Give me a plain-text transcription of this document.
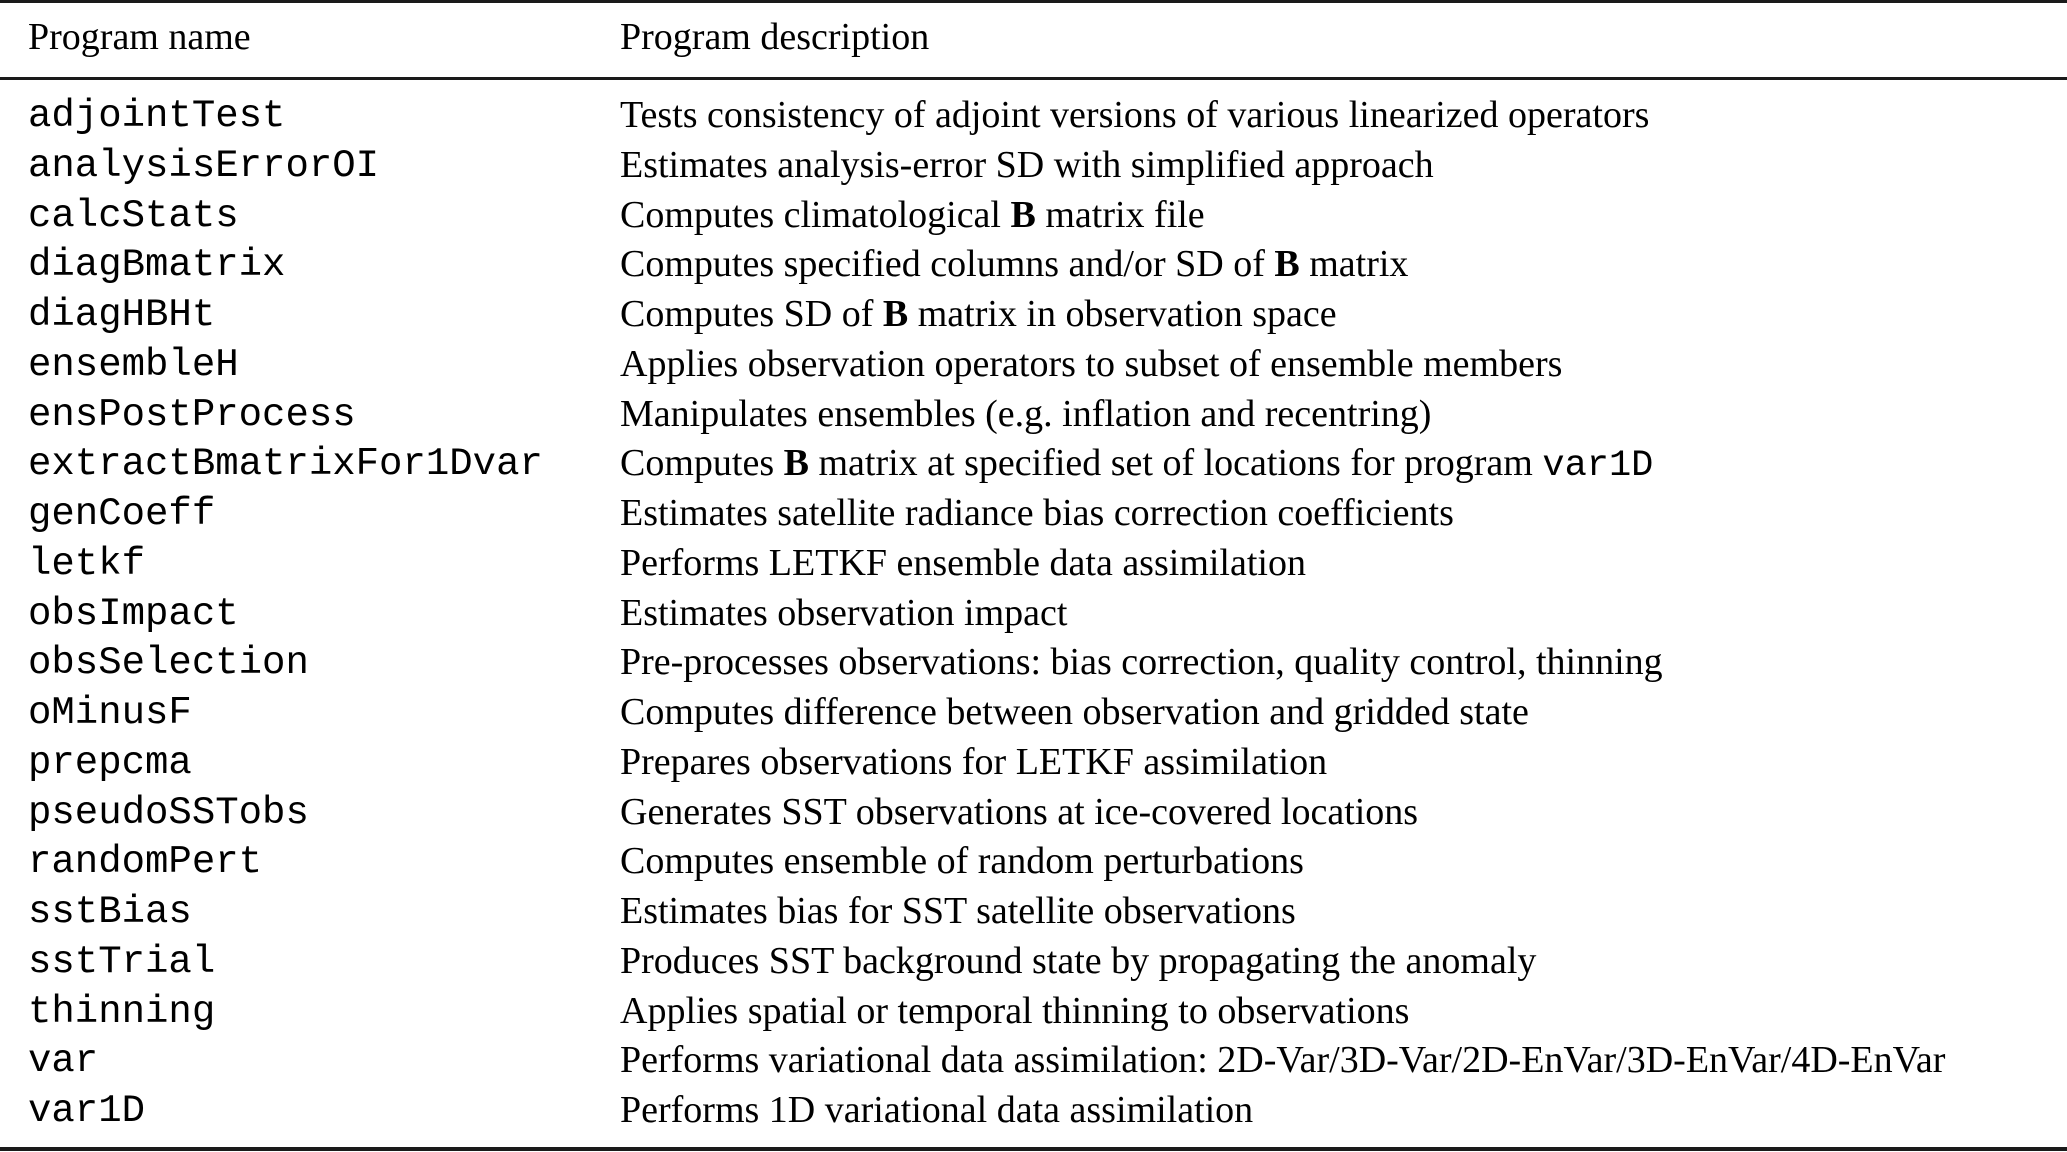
Program name	Program description
adjointTest	Tests consistency of adjoint versions of various linearized operators
analysisErrorOI	Estimates analysis-error SD with simplified approach
calcStats	Computes climatological B matrix file
diagBmatrix	Computes specified columns and/or SD of B matrix
diagHBHt	Computes SD of B matrix in observation space
ensembleH	Applies observation operators to subset of ensemble members
ensPostProcess	Manipulates ensembles (e.g. inflation and recentring)
extractBmatrixFor1Dvar Computes B matrix at specified set of locations for program var1D
genCoeff	Estimates satellite radiance bias correction coefficients
letkf	Performs LETKF ensemble data assimilation
obsImpact	Estimates observation impact
obsSelection	Pre-processes observations: bias correction, quality control, thinning
oMinusF	Computes difference between observation and gridded state
prepcma	Prepares observations for LETKF assimilation
pseudoSSTobs	Generates SST observations at ice-covered locations
randomPert	Computes ensemble of random perturbations
sstBias	Estimates bias for SST satellite observations
sstTrial	Produces SST background state by propagating the anomaly
thinning	Applies spatial or temporal thinning to observations
var	Performs variational data assimilation: 2D-Var/3D-Var/2D-EnVar/3D-EnVar/4D-EnVar
var1D	Performs 1D variational data assimilation
